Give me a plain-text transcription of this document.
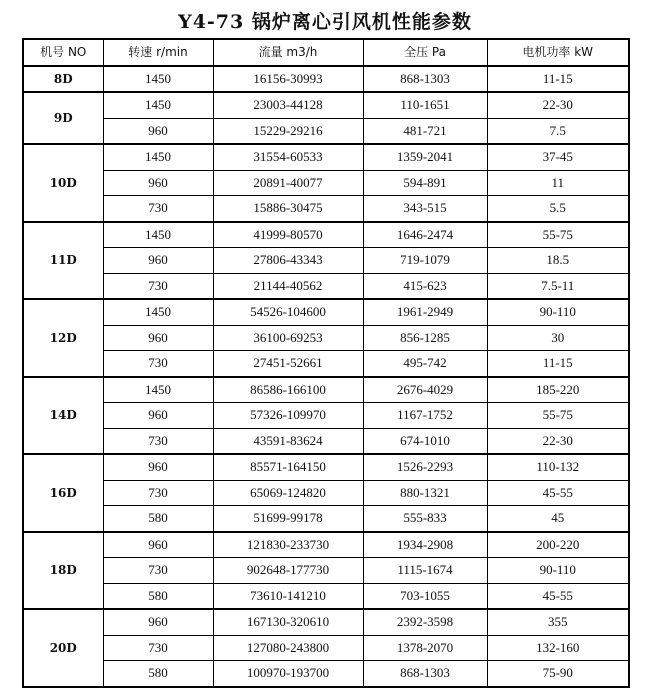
Y4-73 锅炉离心引风机性能参数
机号 NO	转速 r/min	流量 m3/h	全压 Pa	电机功率 kW
8D	1450	16156-30993	868-1303	11-15
9D	1450	23003-44128	110-1651	22-30
	960	15229-29216	481-721	7.5
10D	1450	31554-60533	1359-2041	37-45
	960	20891-40077	594-891	11
	730	15886-30475	343-515	5.5
11D	1450	41999-80570	1646-2474	55-75
	960	27806-43343	719-1079	18.5
	730	21144-40562	415-623	7.5-11
12D	1450	54526-104600	1961-2949	90-110
	960	36100-69253	856-1285	30
	730	27451-52661	495-742	11-15
14D	1450	86586-166100	2676-4029	185-220
	960	57326-109970	1167-1752	55-75
	730	43591-83624	674-1010	22-30
16D	960	85571-164150	1526-2293	110-132
	730	65069-124820	880-1321	45-55
	580	51699-99178	555-833	45
18D	960	121830-233730	1934-2908	200-220
	730	902648-177730	1115-1674	90-110
	580	73610-141210	703-1055	45-55
20D	960	167130-320610	2392-3598	355
	730	127080-243800	1378-2070	132-160
	580	100970-193700	868-1303	75-90
